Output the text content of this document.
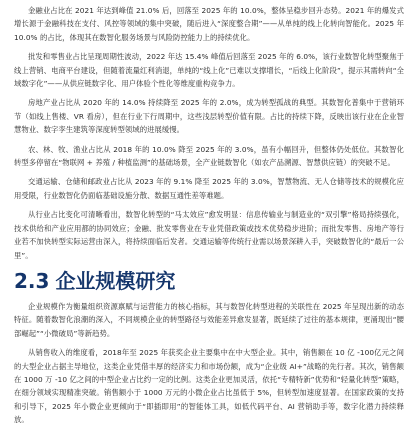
金融业占比在 2021 年达到峰值 21.0% 后，回落至 2025 年的 10.0%，整体呈稳步回升态势。2021 年的爆发式增长源于金融科技在支付、风控等领域的集中突破，随后进入“深度整合期”——从单纯的线上化转向智能化。2025 年 10.0% 的占比，体现其在数智化服务场景与风险防控能力上的持续优化。

批发和零售业占比呈现周期性波动，2022 年达 15.4% 峰值后回落至 2025 年的 6.0%，该行业数智化转型聚焦于线上营销、电商平台建设，但随着流量红利消退，单纯的“线上化”已难以支撑增长，“后线上化阶段”，提示其需转向“全域数字化”——从供应链数字化、用户体验个性化等维度重构竞争力。

房地产业占比从 2020 年的 14.0% 持续降至 2025 年的 2.0%，成为转型孤战的典型。其数智化普集中于营销环节（如线上售楼、VR 看房），但在行业下行周期中，这些浅层转型价值有限。占比的持续下降，反映出该行业在企业智慧物业、数字孪生建筑等深度转型领域的进展缓慢。

农、林、牧、渔业占比从 2018 年的 10.0% 降至 2025 年的 3.0%，虽有小幅回升，但整体仍处低位。其数智化转型多停留在“物联网 + 养殖 / 种植监测”的基础场景，全产业链数智化（如农产品溯源、智慧供应链）的突破不足。

交通运输、仓储和邮政业占比从 2023 年的 9.1% 降至 2025 年的 3.0%，智慧物流、无人仓储等技术的规模化应用受限，行业数智化仍面临基础设施分散、数据互通性差等难题。

从行业占比变化可清晰看出，数智化转型的“马太效应”愈发明显：信息传输业与制造业的“双引擎”格局持续强化，技术供给和产业应用都的协同效应；金融、批发零售业在专业凭借政策或技术优势稳步进阶；而批发零售、房地产等行业若不加快转型实际运营由深入，将持续面临后发者。交通运输等传统行业需以场景深耕入手，突破数智化的“最后一公里”。

2.3 企业规模研究

企业规模作为衡量组织资源禀赋与运营能力的核心指标，其与数智化转型进程的关联性在 2025 年呈现出新的动态特征。随着数智化浪潮的深入，不同规模企业的转型路径与效能差异愈发显著，既延续了过往的基本规律，更涌现出“腰部崛起”“小微破局”等新趋势。

从销售收入的维度看，2018年至 2025 年获奖企业主要集中在中大型企业。其中，销售额在 10 亿 -100亿元之间的大型企业占据主导地位，这类企业凭借丰厚的经济实力和市场份额，成为“企业级 AI+”战略的先行者。其次，销售额在 1000 万 -10 亿之间的中型企业占比约一定的比例。这类企业更加灵活，依托“专精特新”优势和“轻量化转型”策略，在细分领域实现精准突破。销售额小于 1000 万元的小微企业占比虽低于 5%，但转型加速度显著。在国家政策的支持和引导下，2025 年小微企业更倾向于“即插即用”的智能体工具，如低代码平台、AI 营销助手等，数字化潜力持续释放。
